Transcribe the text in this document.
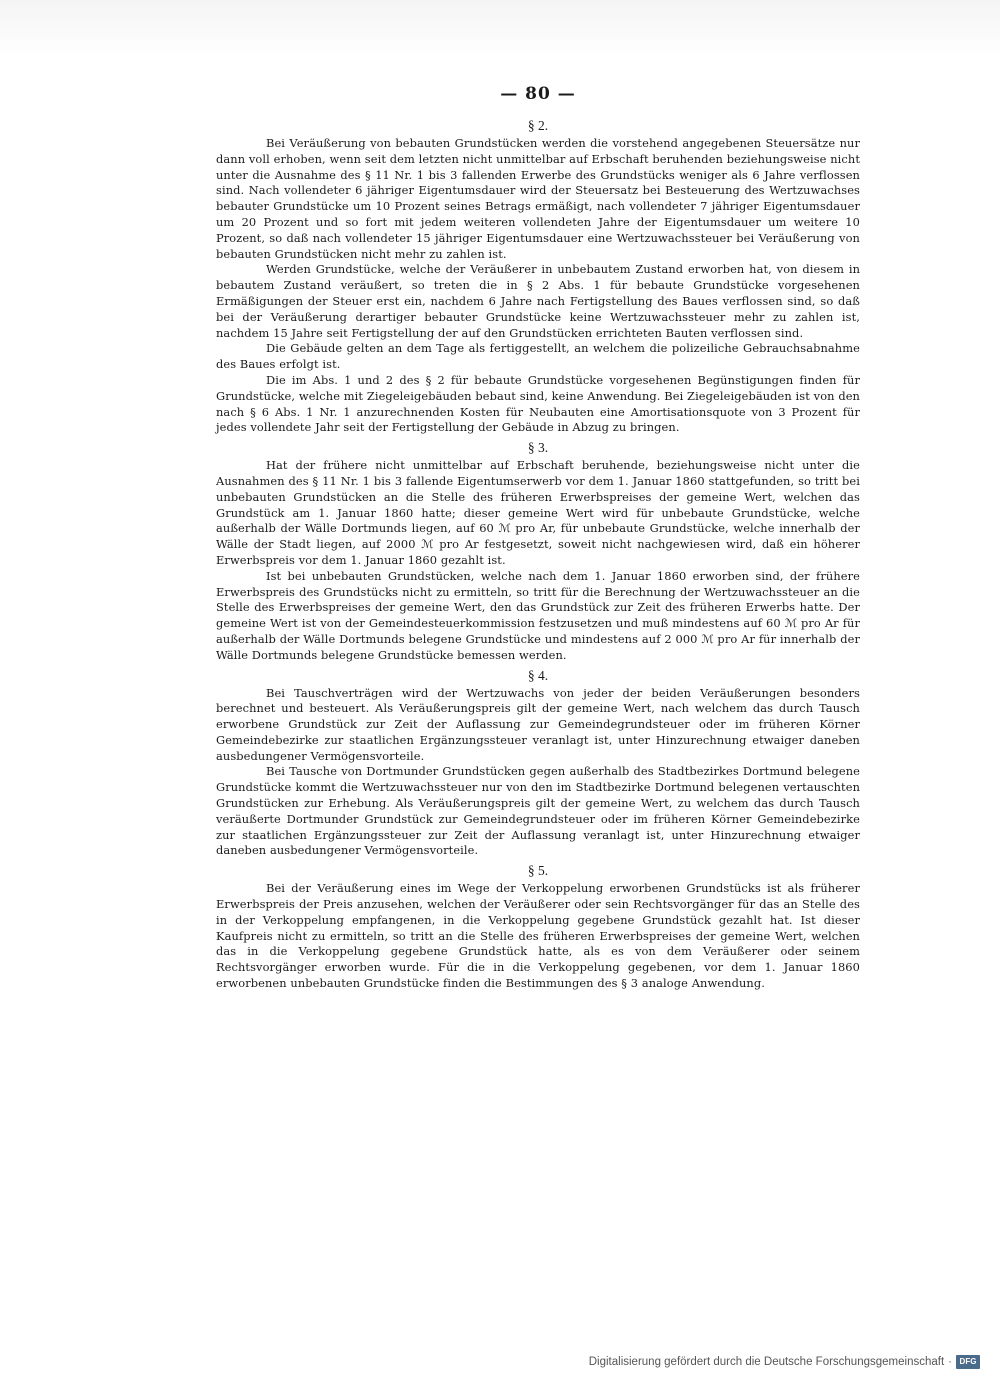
— 80 —
§ 2.

Bei Veräußerung von bebauten Grundstücken werden die vorstehend angegebenen Steuersätze nur dann voll erhoben, wenn seit dem letzten nicht unmittelbar auf Erbschaft beruhenden beziehungsweise nicht unter die Ausnahme des § 11 Nr. 1 bis 3 fallenden Erwerbe des Grundstücks weniger als 6 Jahre verflossen sind. Nach vollendeter 6 jähriger Eigentumsdauer wird der Steuersatz bei Besteuerung des Wertzuwachses bebauter Grundstücke um 10 Prozent seines Betrags ermäßigt, nach vollendeter 7 jähriger Eigentumsdauer um 20 Prozent und so fort mit jedem weiteren vollendeten Jahre der Eigentumsdauer um weitere 10 Prozent, so daß nach vollendeter 15 jähriger Eigentumsdauer eine Wertzuwachssteuer bei Veräußerung von bebauten Grundstücken nicht mehr zu zahlen ist.

Werden Grundstücke, welche der Veräußerer in unbebautem Zustand erworben hat, von diesem in bebautem Zustand veräußert, so treten die in § 2 Abs. 1 für bebaute Grundstücke vorgesehenen Ermäßigungen der Steuer erst ein, nachdem 6 Jahre nach Fertigstellung des Baues verflossen sind, so daß bei der Veräußerung derartiger bebauter Grundstücke keine Wertzuwachssteuer mehr zu zahlen ist, nachdem 15 Jahre seit Fertigstellung der auf den Grundstücken errichteten Bauten verflossen sind.

Die Gebäude gelten an dem Tage als fertiggestellt, an welchem die polizeiliche Gebrauchsabnahme des Baues erfolgt ist.

Die im Abs. 1 und 2 des § 2 für bebaute Grundstücke vorgesehenen Begünstigungen finden für Grundstücke, welche mit Ziegeleigebäuden bebaut sind, keine Anwendung. Bei Ziegeleigebäuden ist von den nach § 6 Abs. 1 Nr. 1 anzurechnenden Kosten für Neubauten eine Amortisationsquote von 3 Prozent für jedes vollendete Jahr seit der Fertigstellung der Gebäude in Abzug zu bringen.

§ 3.

Hat der frühere nicht unmittelbar auf Erbschaft beruhende, beziehungsweise nicht unter die Ausnahmen des § 11 Nr. 1 bis 3 fallende Eigentumserwerb vor dem 1. Januar 1860 stattgefunden, so tritt bei unbebauten Grundstücken an die Stelle des früheren Erwerbspreises der gemeine Wert, welchen das Grundstück am 1. Januar 1860 hatte; dieser gemeine Wert wird für unbebaute Grundstücke, welche außerhalb der Wälle Dortmunds liegen, auf 60 ℳ pro Ar, für unbebaute Grundstücke, welche innerhalb der Wälle der Stadt liegen, auf 2000 ℳ pro Ar festgesetzt, soweit nicht nachgewiesen wird, daß ein höherer Erwerbspreis vor dem 1. Januar 1860 gezahlt ist.

Ist bei unbebauten Grundstücken, welche nach dem 1. Januar 1860 erworben sind, der frühere Erwerbspreis des Grundstücks nicht zu ermitteln, so tritt für die Berechnung der Wertzuwachssteuer an die Stelle des Erwerbspreises der gemeine Wert, den das Grundstück zur Zeit des früheren Erwerbs hatte. Der gemeine Wert ist von der Gemeindesteuerkommission festzusetzen und muß mindestens auf 60 ℳ pro Ar für außerhalb der Wälle Dortmunds belegene Grundstücke und mindestens auf 2 000 ℳ pro Ar für innerhalb der Wälle Dortmunds belegene Grundstücke bemessen werden.

§ 4.

Bei Tauschverträgen wird der Wertzuwachs von jeder der beiden Veräußerungen besonders berechnet und besteuert. Als Veräußerungspreis gilt der gemeine Wert, nach welchem das durch Tausch erworbene Grundstück zur Zeit der Auflassung zur Gemeindegrundsteuer oder im früheren Körner Gemeindebezirke zur staatlichen Ergänzungssteuer veranlagt ist, unter Hinzurechnung etwaiger daneben ausbedungener Vermögensvorteile.

Bei Tausche von Dortmunder Grundstücken gegen außerhalb des Stadtbezirkes Dortmund belegene Grundstücke kommt die Wertzuwachssteuer nur von den im Stadtbezirke Dortmund belegenen vertauschten Grundstücken zur Erhebung. Als Veräußerungspreis gilt der gemeine Wert, zu welchem das durch Tausch veräußerte Dortmunder Grundstück zur Gemeindegrundsteuer oder im früheren Körner Gemeindebezirke zur staatlichen Ergänzungssteuer zur Zeit der Auflassung veranlagt ist, unter Hinzurechnung etwaiger daneben ausbedungener Vermögensvorteile.

§ 5.

Bei der Veräußerung eines im Wege der Verkoppelung erworbenen Grundstücks ist als früherer Erwerbspreis der Preis anzusehen, welchen der Veräußerer oder sein Rechtsvorgänger für das an Stelle des in der Verkoppelung empfangenen, in die Verkoppelung gegebene Grundstück gezahlt hat. Ist dieser Kaufpreis nicht zu ermitteln, so tritt an die Stelle des früheren Erwerbspreises der gemeine Wert, welchen das in die Verkoppelung gegebene Grundstück hatte, als es von dem Veräußerer oder seinem Rechtsvorgänger erworben wurde. Für die in die Verkoppelung gegebenen, vor dem 1. Januar 1860 erworbenen unbebauten Grundstücke finden die Bestimmungen des § 3 analoge Anwendung.

Digitalisierung gefördert durch die Deutsche Forschungsgemeinschaft · DFG
